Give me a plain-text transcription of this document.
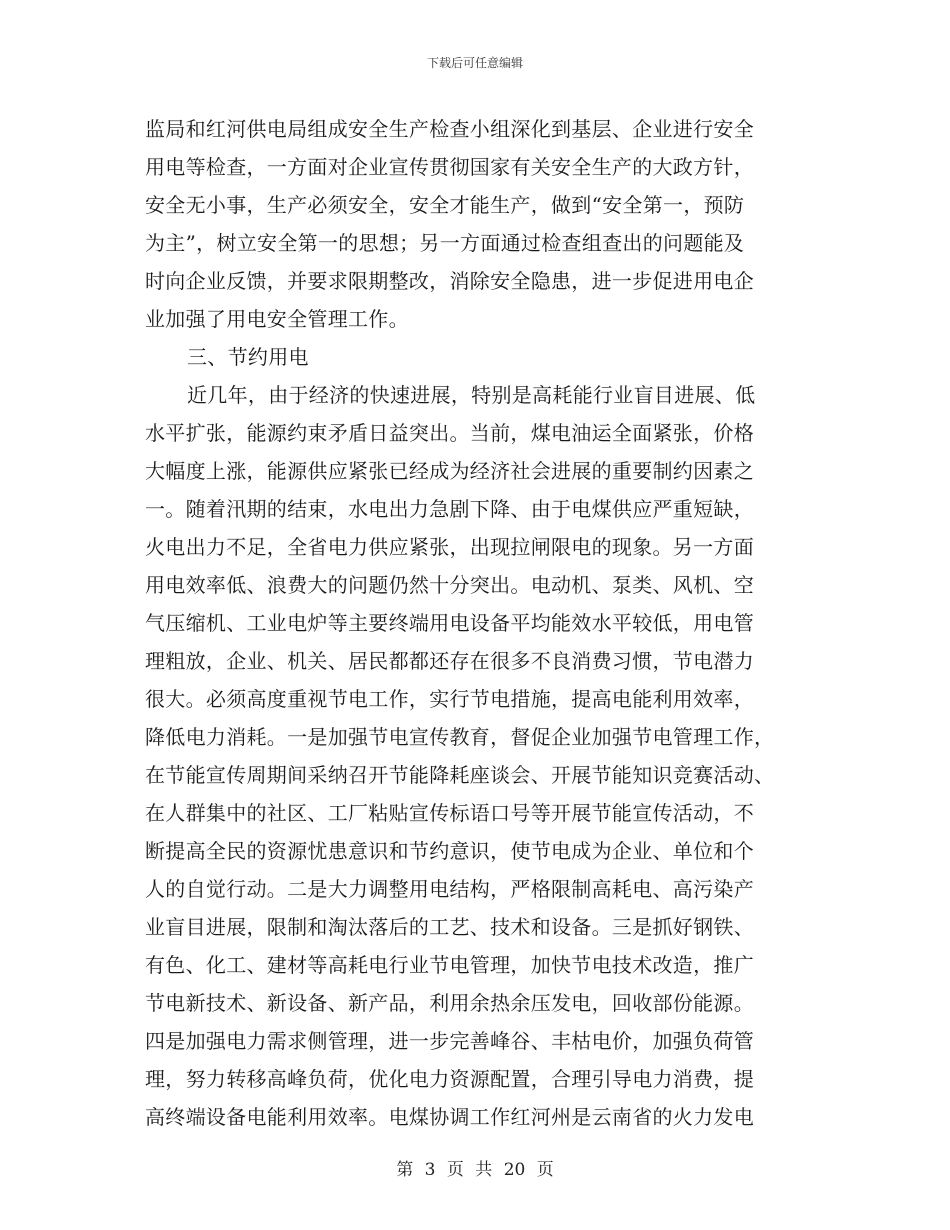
下载后可任意编辑
监局和红河供电局组成安全生产检查小组深化到基层、企业进行安全
用电等检查，一方面对企业宣传贯彻国家有关安全生产的大政方针，
安全无小事，生产必须安全，安全才能生产，做到“安全第一，预防
为主”，树立安全第一的思想；另一方面通过检查组查出的问题能及
时向企业反馈，并要求限期整改，消除安全隐患，进一步促进用电企
业加强了用电安全管理工作。
三、节约用电
近几年，由于经济的快速进展，特别是高耗能行业盲目进展、低
水平扩张，能源约束矛盾日益突出。当前，煤电油运全面紧张，价格
大幅度上涨，能源供应紧张已经成为经济社会进展的重要制约因素之
一。随着汛期的结束，水电出力急剧下降、由于电煤供应严重短缺，
火电出力不足，全省电力供应紧张，出现拉闸限电的现象。另一方面
用电效率低、浪费大的问题仍然十分突出。电动机、泵类、风机、空
气压缩机、工业电炉等主要终端用电设备平均能效水平较低，用电管
理粗放，企业、机关、居民都都还存在很多不良消费习惯，节电潜力
很大。必须高度重视节电工作，实行节电措施，提高电能利用效率，
降低电力消耗。一是加强节电宣传教育，督促企业加强节电管理工作，
在节能宣传周期间采纳召开节能降耗座谈会、开展节能知识竞赛活动、
在人群集中的社区、工厂粘贴宣传标语口号等开展节能宣传活动，不
断提高全民的资源忧患意识和节约意识，使节电成为企业、单位和个
人的自觉行动。二是大力调整用电结构，严格限制高耗电、高污染产
业盲目进展，限制和淘汰落后的工艺、技术和设备。三是抓好钢铁、
有色、化工、建材等高耗电行业节电管理，加快节电技术改造，推广
节电新技术、新设备、新产品，利用余热余压发电，回收部份能源。
四是加强电力需求侧管理，进一步完善峰谷、丰枯电价，加强负荷管
理，努力转移高峰负荷，优化电力资源配置，合理引导电力消费，提
高终端设备电能利用效率。电煤协调工作红河州是云南省的火力发电
第 3 页 共 20 页
